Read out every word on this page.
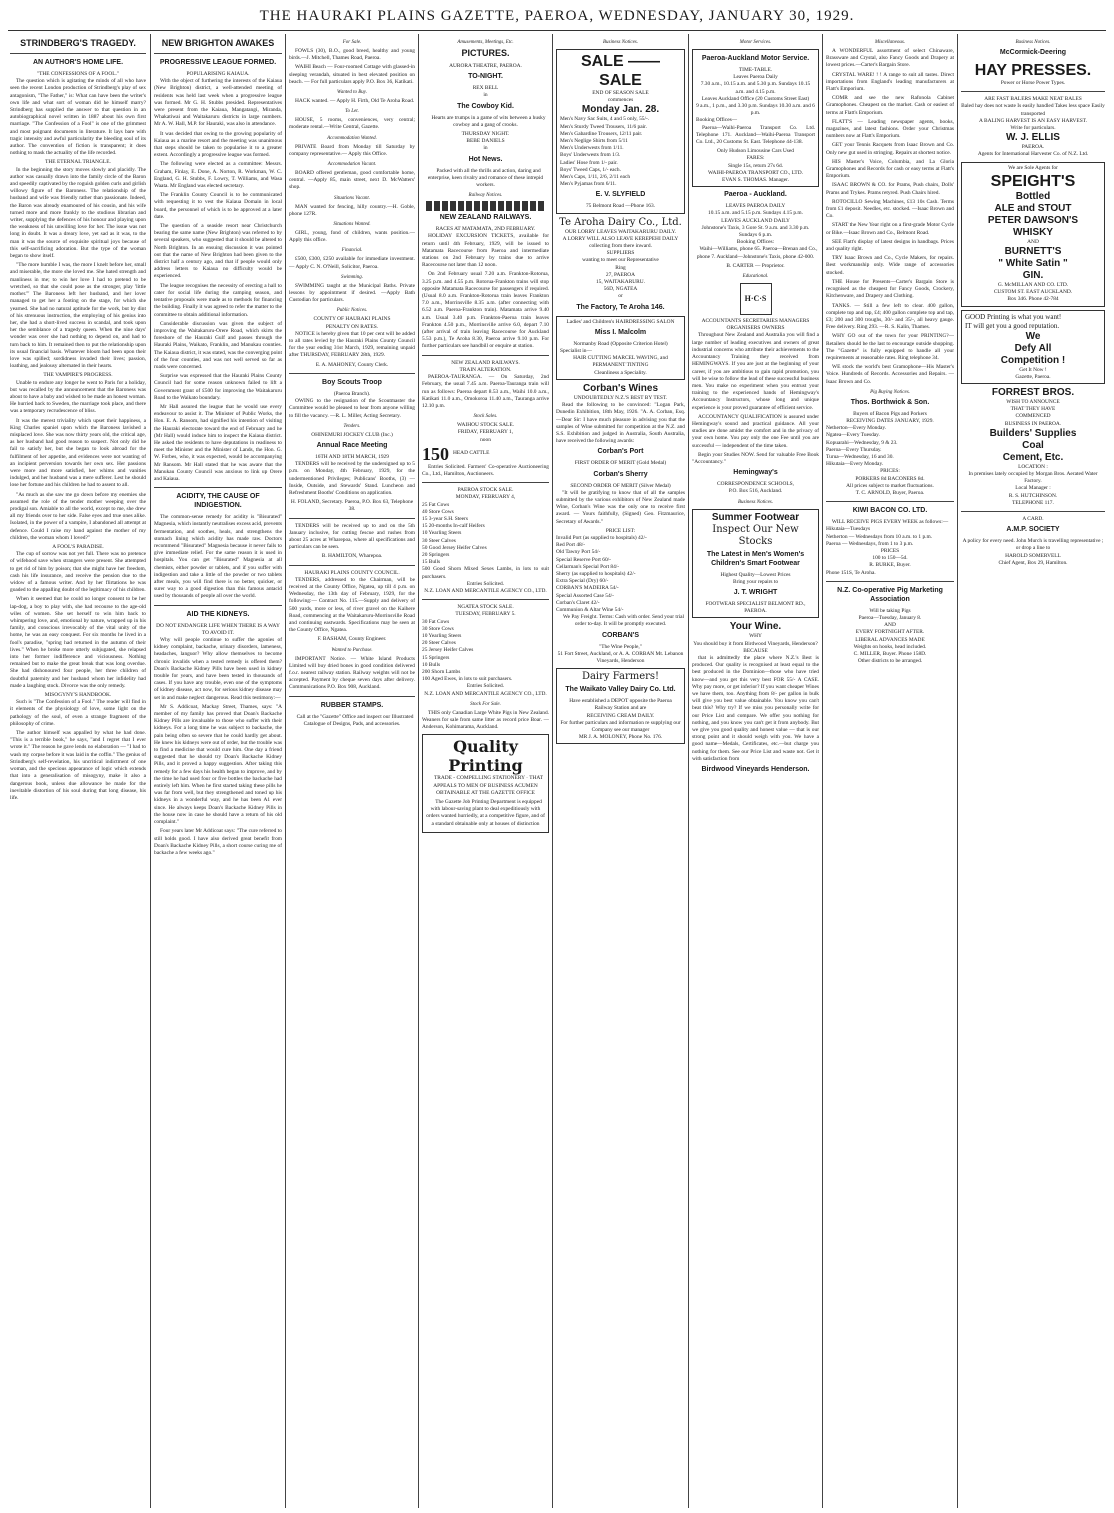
THE HAURAKI PLAINS GAZETTE, PAEROA, WEDNESDAY, JANUARY 30, 1929.
STRINDBERG'S TRAGEDY.
AN AUTHOR'S HOME LIFE.
"THE CONFESSIONS OF A FOOL."

The question which is agitating the minds of all who have seen the recent London production of Strindberg's play of sex antagonism, "The Father," is: What can have been the writer's own life and what sort of woman did he himself marry? Strindberg has supplied the answer to that question in an autobiographical novel written in 1887 about his own first marriage. "The Confession of a Fool" is one of the grimmest and most poignant documents in literature. It lays bare with tragic intensity and awful particularity the bleeding soul of its author. The convention of fiction is transparent; it does nothing to mask the actuality of the life recorded.

THE ETERNAL TRIANGLE.

In the beginning the story moves slowly and placidly. The author was casually drawn into the family circle of the Baron and speedily captivated by the roguish golden curls and girlish willowy figure of the Baroness. The relationship of the husband and wife was friendly rather than passionate. Indeed, the Baron was already enamoured of his cousin, and his wife turned more and more frankly to the studious librarian and writer, supplying the defences of his honour and playing upon the weakness of his unwilling love for her. The issue was not long in doubt. It was a dreary love, yet sad as it was, to the man it was the source of exquisite spiritual joys because of this self-sacrificing adoration. But the type of the woman began to show itself.

"The more humble I was, the more I knelt before her, small and miserable, the more she loved me. She hated strength and manliness in me; to win her love I had to pretend to be wretched, so that she could pose as the stronger, play 'little mother.'" The Baroness left her husband, and her lover managed to get her a footing on the stage, for which she yearned. She had no natural aptitude for the work, but by dint of his strenuous instruction, the employing of his genius into her, she had a short-lived success in scandal, and took upon her the semblance of a tragedy queen. When the nine days' wonder was over she had nothing to depend on, and had to turn back to him. It remained then to put the relationship upon its usual financial basis. Whatever bloom had been upon their love was spilled; sordidness invaded their lives; passion, loathing, and jealousy alternated in their hearts.

THE VAMPIRE'S PROGRESS.

Unable to endure any longer he went to Paris for a holiday, but was recalled by the announcement that the Baroness was about to have a baby and wished to be made an honest woman. He hurried back to Sweden, the marriage took place, and there was a temporary recrudescence of bliss.

It was the merest triviality which upset their happiness, a King Charles spaniel upon which the Baroness lavished a misplaced love. She was now thirty years old, the critical age, as her husband had good reason to suspect. Not only did he fail to satisfy her, but she began to look abroad for the fulfilment of her appetite, and evidences were not wanting of an incipient perversion towards her own sex. Her passions were more and more satisfied, her whims and vanities indulged, and her husband was a mere sufferer. Lest he should lose her fortune and his children he had to assent to all.

"As much as she saw me go down before my enemies she assumed the role of the tender mother weeping over the prodigal son. Amiable to all the world, except to me, she drew all my friends over to her side. False eyes and true ones alike. Isolated, in the power of a vampire, I abandoned all attempt at defence. Could I raise my hand against the mother of my children, the woman whom I loved?"

A FOOL'S PARADISE.

The cup of sorrow was not yet full. There was no pretence of wifehood save when strangers were present. She attempted to get rid of him by poison; that she might have her freedom, cash his life insurance, and receive the pension due to the widow of a famous writer. And by her flirtations he was goaded to the appalling doubt of the legitimacy of his children.

When it seemed that he could no longer consent to be her lap-dog, a boy to play with, she had recourse to the age-old wiles of women. She set herself to win him back to whimpering love, and, emotional by nature, wrapped up in his family, and conscious irrevocably of the vital unity of the home, he was an easy conquest. For six months he lived in a fool's paradise, "spring had returned in the autumn of their lives." When he broke more utterly subjugated, she relapsed into her former indifference and viciousness. Nothing remained but to make the great break that was long overdue. She had dishonoured four people, her three children of doubtful paternity and her husband whom her infidelity had made a laughing stock. Divorce was the only remedy.

MISOGYNY'S HANDBOOK.

Such is "The Confession of a Fool." The reader will find in it elements of the physiology of love, some light on the pathology of the soul, of even a strange fragment of the philosophy of crime.

The author himself was appalled by what he had done. "This is a terrible book," he says, "and I regret that I ever wrote it." The reason he gave lends no elaboration — "I had to wash my corpse before it was laid in the coffin." The genius of Strindberg's self-revelation, his uncritical indictment of one woman, and the specious appearance of logic which extends that into a generalisation of misogyny, make it also a dangerous book, unless due allowance be made for the inevitable distortion of his soul during that long disease, his life.

NEW BRIGHTON AWAKES
PROGRESSIVE LEAGUE FORMED.
POPULARISING KAIAUA.

With the object of furthering the interests of the Kaiaua (New Brighton) district, a well-attended meeting of residents was held last week when a progressive league was formed. Mr G. H. Stubbs presided. Representatives were present from the Kaiaua, Mangatangi, Miranda, Whakatiwai and Waitakaruru districts in large numbers. Mr A. W. Hall, M.P. for Hauraki, was also in attendance.

It was decided that owing to the growing popularity of Kaiaua as a marine resort and the meeting was unanimous that steps should be taken to popularise it to a greater extent. Accordingly a progressive league was formed.

The following were elected as a committee: Messrs. Graham, Finlay, E. Done, A. Norton, R. Workman, W. C. England, G. H. Stubbs, F. Lowry, T. Williams, and Wasa Waata. Mr England was elected secretary.

The Franklin County Council is to be communicated with requesting it to vest the Kaiaua Domain in local board, the personnel of which is to be approved at a later date.

The question of a seaside resort near Christchurch bearing the same name (New Brighton) was referred to by several speakers, who suggested that it should be altered to North Brighton. In an ensuing discussion it was pointed out that the name of New Brighton had been given to the district half a century ago, and that if people would only address letters to Kaiaua no difficulty would be experienced.

The league recognises the necessity of erecting a hall to cater for social life during the camping season, and tentative proposals were made as to methods for financing the building. Finally it was agreed to refer the matter to the committee to obtain additional information.

Considerable discussion was given the subject of improving the Waitakaruru-Orere Road, which skirts the foreshore of the Hauraki Gulf and passes through the Hauraki Plains, Waikato, Franklin, and Manukau counties. The Kaiaua district, it was stated, was the converging point of the four counties, and was not well served so far as roads were concerned.

Surprise was expressed that the Hauraki Plains County Council had for some reason unknown failed to lift a Government grant of £500 for improving the Waitakaruru Road to the Waikato boundary.

Mr Hall assured the league that he would use every endeavour to assist it. The Minister of Public Works, the Hon. E. A. Ransom, had signified his intention of visiting the Hauraki electorate toward the end of February and he (Mr Hall) would induce him to inspect the Kaiaua district. He asked the residents to have deputations in readiness to meet the Minister and the Minister of Lands, the Hon. G. W. Forbes, who, it was expected, would be accompanying Mr Ransom. Mr Hall stated that he was aware that the Manukau County Council was anxious to link up Orere and Kaiaua.

ACIDITY, THE CAUSE OF INDIGESTION.

The common-sense remedy for acidity is "Bisurated" Magnesia, which instantly neutralises excess acid, prevents fermentation, and soothes, heals, and strengthens the stomach lining which acidity has made raw. Doctors recommend "Bisurated" Magnesia because it never fails to give immediate relief. For the same reason it is used in hospitals. You can get "Bisurated" Magnesia at all chemists, either powder or tablets, and if you suffer with indigestion and take a little of the powder or two tablets after meals, you will find there is no better, quicker, or surer way to a good digestion than this famous antacid used by thousands of people all over the world.

AID THE KIDNEYS.
DO NOT ENDANGER LIFE WHEN THERE IS A WAY TO AVOID IT.

Why will people continue to suffer the agonies of kidney complaint, backache, urinary disorders, lameness, headaches, languor? Why allow themselves to become chronic invalids when a tested remedy is offered them? Doan's Backache Kidney Pills have been used in kidney trouble for years, and have been tested in thousands of cases. If you have any trouble, even one of the symptoms of kidney disease, act now, for serious kidney disease may set in and make neglect dangerous. Read this testimony:—

Mr S. Addicoat, Mackay Street, Thames, says: "A member of my family has proved that Doan's Backache Kidney Pills are invaluable to those who suffer with their kidneys. For a long time he was subject to backache, the pain being often so severe that he could hardly get about. He knew his kidneys were out of order, but the trouble was to find a medicine that would cure him. One day a friend suggested that he should try Doan's Backache Kidney Pills, and it proved a happy suggestion. After taking this remedy for a few days his health began to improve, and by the time he had used four or five bottles the backache had entirely left him. When he first started taking these pills he was far from well, but they strengthened and toned up his kidneys in a wonderful way, and he has been A1 ever since. He always keeps Doan's Backache Kidney Pills in the house now in case he should have a return of his old complaint."

Four years later Mr Addicoat says: "The cure referred to still holds good. I have also derived great benefit from Doan's Backache Kidney Pills, a short course curing me of backache a few weeks ago."

For Sale.

FOWLS (30), B.O., good breed, healthy and young birds.—J. Mitchell, Thames Road, Paeroa.

WAIHI Beach — Four-roomed Cottage with glassed-in sleeping verandah, situated in best elevated position on beach. — For full particulars apply P.O. Box 36, Katikati.

Wanted to Buy.

HACK wanted. — Apply H. Firth, Old Te Aroha Road.

To Let.

HOUSE, 5 rooms, conveniences, very central; moderate rental.—Write Central, Gazette.

Accommodation Wanted.

PRIVATE Board from Monday till Saturday by company representative.— Apply this Office.

Accommodation Vacant.

BOARD offered gentleman, good comfortable home, central. —Apply 85, main street, next D. McWatters' shop.

Situations Vacant.

MAN wanted for fencing, hilly country.—H. Goble, phone 127R.

Situations Wanted.

GIRL, young, fond of children, wants position.—Apply this office.

Financial.

£500, £300, £250 available for immediate investment. — Apply C. N. O'Neill, Solicitor, Paeroa.

Swimming.

SWIMMING taught at the Municipal Baths. Private lessons by appointment if desired. —Apply Bath Custodian for particulars.

Public Notices.
COUNTY OF HAURAKI PLAINS
PENALTY ON RATES.

NOTICE is hereby given that 10 per cent will be added to all rates levied by the Hauraki Plains County Council for the year ending 31st March, 1929, remaining unpaid after THURSDAY, FEBRUARY 28th, 1929.

E. A. MAHONEY, County Clerk.
Boy Scouts Troop
(Paeroa Branch).

OWING to the resignation of the Scoutmaster the Committee would be pleased to hear from anyone willing to fill the vacancy. —R. L. Miller, Acting Secretary.

Tenders.
OHINEMURI JOCKEY CLUB (Inc.)
Annual Race Meeting
16TH AND 18TH MARCH, 1929

TENDERS will be received by the undersigned up to 5 p.m. on Monday, 4th February, 1929, for the undermentioned Privileges; Publicans' Booths, (3) — Inside, Outside, and Stewards' Stand. Luncheon and Refreshment Booths' Conditions on application.

H. FOLAND, Secretary. Paeroa, P.O. Box 63, Telephone 38.

TENDERS will be received up to and on the 5th January inclusive, for cutting fescue and rushes from about 25 acres at Wharepoa, where all specifications and particulars can be seen.

B. HAMILTON, Wharepoa.
HAURAKI PLAINS COUNTY COUNCIL.

TENDERS, addressed to the Chairman, will be received at the County Office, Ngatea, up till 4 p.m. on Wednesday, the 13th day of February, 1929, for the following:— Contract No. 115.—Supply and delivery of 500 yards, more or less, of river gravel on the Kaihere Road, commencing at the Waitakaruru-Morrinsville Road and continuing eastwards. Specifications may be seen at the County Office, Ngatea.

F. BASHAM, County Engineer.
Wanted to Purchase.

IMPORTANT Notice. — White Island Products Limited will buy dried bones in good condition delivered f.o.r. nearest railway station. Railway weights will not be accepted. Payment by cheque seven days after delivery. Communications P.O. Box 908, Auckland.

RUBBER STAMPS.

Call at the "Gazette" Office and inspect our Illustrated Catalogue of Designs, Pads, and accessories.

Amusements, Meetings, Etc.
PICTURES.
AURORA THEATRE, PAEROA.
TO-NIGHT.
REX BELL
in
The Cowboy Kid.

Hearts are trumps in a game of wits between a husky cowboy and a gang of crooks.

THURSDAY NIGHT.
BEBE DANIELS
in
Hot News.

Packed with all the thrills and action, daring and enterprise, keen rivalry and romance of these intrepid workers.

Railway Notices.
NEW ZEALAND RAILWAYS.
RACES AT MATAMATA, 2ND FEBRUARY.

HOLIDAY EXCURSION TICKETS, available for return until 4th February, 1929, will be issued to Matamata Racecourse from Paeroa and intermediate stations on 2nd February by trains due to arrive Racecourse not later than 12 noon.

On 2nd February usual 7.20 a.m. Frankton-Rotorua, 3.25 p.m. and 4.55 p.m. Rotorua-Frankton trains will stop opposite Matamata Racecourse for passengers if required. (Usual 8.0 a.m. Frankton-Rotorua train leaves Frankton 7.0 a.m., Morrinsville 8.35 a.m. (after connecting with 6.52 a.m. Paeroa-Frankton train). Matamata arrive 9.40 a.m. Usual 3.40 p.m. Frankton-Paeroa train leaves Frankton 4.50 p.m., Morrinsville arrive 6.0, depart 7.10 (after arrival of train leaving Racecourse for Auckland 5.53 p.m.), Te Aroha 8.30, Paeroa arrive 9.10 p.m. For further particulars see handbill or enquire at station.

NEW ZEALAND RAILWAYS.
TRAIN ALTERATION.

PAEROA-TAURANGA. — On Saturday, 2nd February, the usual 7.45 a.m. Paeroa-Tauranga train will run as follows: Paeroa depart 8.53 a.m., Waihi 10.0 a.m., Katikati 11.0 a.m., Omokoroa 11.40 a.m., Tauranga arrive 12.10 p.m.

Stock Sales.
WAIHOU STOCK SALE.
FRIDAY, FEBRUARY 1,
noon
150 HEAD CATTLE

Entries Solicited. Farmers' Co-operative Auctioneering Co., Ltd., Hamilton, Auctioneers.

PAEROA STOCK SALE.
MONDAY, FEBRUARY 4,
25 Fat Cows
40 Store Cows
15 3-year S.H. Steers
15 20-months In-calf Heifers
10 Yearling Steers
30 Steer Calves
50 Good Jersey Heifer Calves
20 Springers
15 Bulls
500 Good Shorn Mixed Sexes Lambs, in lots to suit purchasers.
Entries Solicited.
N.Z. LOAN AND MERCANTILE AGENCY CO., LTD.
NGATEA STOCK SALE.
TUESDAY, FEBRUARY 5.
30 Fat Cows
30 Store Cows
10 Yearling Steers
20 Steer Calves
25 Jersey Heifer Calves
15 Springers
10 Bulls
200 Shorn Lambs
100 Aged Ewes, in lots to suit purchasers.
Entries Solicited.
N.Z. LOAN AND MERCANTILE AGENCY CO., LTD.
Stock For Sale.

THIS only Canadian Large White Pigs in New Zealand. Weaners for sale from same litter as record price Boar. — Anderson, Kohimarama, Auckland.

Quality Printing

TRADE - COMPELLING STATIONERY · THAT APPEALS TO MEN OF BUSINESS ACUMEN OBTAINABLE AT THE GAZETTE OFFICE

The Gazette Job Printing Department is equipped with labour-saving plant to deal expeditiously with orders wanted hurriedly, at a competitive figure, and of a standard obtainable only at houses of distinction

Business Notices.
SALE —— SALE
END OF SEASON SALE
commences
Monday Jan. 28.
Men's Navy Sac Suits, 4 and 5 only, 55/-.
Men's Sturdy Tweed Trousers, 11/6 pair.
Men's Gabardine Trousers, 12/11 pair.
Men's Neglige Shirts from 5/11
Men's Underwests from 1/11.
Boys' Underwests from 1/3.
Ladies' Hose from 1/- pair.
Boys' Tweed Caps, 1/- each.
Men's Caps, 1/11, 2/6, 2/11 each
Men's Pyjamas from 6/11.
E. V. SLYFIELD
75 Belmont Road —Phone 163.
Te Aroha Dairy Co., Ltd.
OUR LORRY LEAVES WAITAKARURU DAILY.
A LORRY WILL ALSO LEAVE KEREPEHI DAILY
collecting from there inward.
SUPPLIERS
wanting to meet our Representative
Ring
27, PAEROA
15, WAITAKARURU.
56D, NGATEA
or
The Factory, Te Aroha 146.
Ladies' and Children's HAIRDRESSING SALON
Miss I. Malcolm
Normanby Road (Opposite Criterion Hotel)
Specialist in—
HAIR CUTTING MARCEL WAVING, and PERMANENT TINTING
Cleanliness a Speciality.
Corban's Wines
UNDOUBTEDLY N.Z.'S BEST BY TEST.

Read the following to be convinced: "Logan Park, Dunedin Exhibition, 18th May, 1926. "A. A. Corban, Esq.—Dear Sir: I have much pleasure in advising you that the samples of Wine submitted for competition at the N.Z. and S.S. Exhibition and judged in Australia, South Australia, have received the following awards:

Corban's Port
FIRST ORDER OF MERIT (Gold Medal)
Corban's Sherry
SECOND ORDER OF MERIT (Silver Medal)

"It will be gratifying to know that of all the samples submitted by the various exhibitors of New Zealand made Wine, Corban's Wine was the only one to receive first award. — Yours faithfully, (Signed) Geo. Fitzmaurice, Secretary of Awards."

PRICE LIST:
Invalid Port (as supplied to hospitals) 42/-
Red Port 48/-
Old Tawny Port 54/-
Special Reserve Port 60/-
Cellarman's Special Port 84/-
Sherry (as supplied to hospitals) 42/-
Extra Special (Dry) 60/-
CORBAN'S MADEIRA 54/-
Special Assorted Case 54/-
Corban's Claret 42/-
Communion & Altar Wine 54/-

We Pay Freight. Terms: Cash with order. Send your trial order to-day. It will be promptly executed.

CORBAN'S
"The Wine People,"
51 Fort Street, Auckland, or A. A. CORBAN Mt. Lebanon Vineyards, Henderson
Dairy Farmers!
The Waikato Valley Dairy Co. Ltd.
Have established a DEPOT opposite the Paeroa Railway Station and are
RECEIVING CREAM DAILY.
For further particulars and information re supplying our Company see our manager
MR J. A. MOLONEY, Phone No. 176.
Motor Services.
Paeroa-Auckland Motor Service.
TIME-TABLE.
Leaves Paeroa Daily
7.30 a.m., 10.15 a.m. and 5.30 p.m. Sundays 10.15 a.m. and 4.15 p.m.
Leaves Auckland Office (20 Customs Street East)
9 a.m., 1 p.m., and 3.30 p.m. Sundays 10.30 a.m. and 6 p.m.
Booking Offices—

Paeroa—Waihi-Paeroa Transport Co. Ltd. Telephone 171. Auckland—Waihi-Paeroa Transport Co. Ltd., 20 Customs St. East. Telephone 44-138.

Only Hudson Limousine Cars Used
FARES:
Single 15s, return 27s 6d.
WAIHI-PAEROA TRANSPORT CO., LTD.
EVAN S. THOMAS. Manager.
Paeroa - Auckland.
LEAVES PAEROA DAILY
10.15 a.m. and 5.15 p.m. Sundays 4.15 p.m.
LEAVES AUCKLAND DAILY
Johnstone's Taxis, 3 Gore St. 9 a.m. and 3.30 p.m. Sundays 6 p.m.
Booking Offices:

Waihi—Williams, phone 65. Paeroa—Brenan and Co., phone 7. Auckland—Johnstone's Taxis, phone 42-000.

B. CARTER — Proprietor.
Educational.
H·C·S
ACCOUNTANTS SECRETARIES MANAGERS ORGANISERS OWNERS

Throughout New Zealand and Australia you will find a large number of leading executives and owners of great industrial concerns who attribute their achievements to the Accountancy Training they received from HEMINGWAYS. If you are just at the beginning of your career, if you are ambitious to gain rapid promotion, you will be wise to follow the lead of these successful business men. You make no experiment when you entrust your training to the experienced hands of Hemingway's Accountancy Instructors, whose long and unique experience is your proved guarantee of efficient service.

ACCOUNTANCY QUALIFICATION is assured under Hemingway's sound and practical guidance. All your studies are done amidst the comfort and in the privacy of your own home. You pay only the one Fee until you are successful — independent of the time taken.

Begin your Studies NOW. Send for valuable Free Book "Accountancy."

Hemingway's
CORRESPONDENCE SCHOOLS,
P.O. Box 516, Auckland.
Business Notices.
Summer Footwear
Inspect Our New Stocks
The Latest in Men's Women's Children's Smart Footwear
Highest Quality—Lowest Prices
Bring your repairs to
J. T. WRIGHT
FOOTWEAR SPECIALIST BELMONT RD., PAEROA.
Your Wine.
WHY
You should buy it from Birdwood Vineyards, Henderson?
BECAUSE

that is admittedly the place where N.Z.'s Best is produced. Our quality is recognised at least equal to the best produced in the Dominion—those who have tried know—and you get this very best FOR 55/- A CASE. Why pay more, or get inferior? If you want cheaper Wines we have them, too. Anything from 8/- per gallon in bulk will give you best value obtainable. You know you can't beat this? Why try? If we miss you personally write for our Price List and compare. We offer you nothing for nothing, and you know you can't get it from anybody. But we give you good quality and honest value — that is our strong point and it should weigh with you. We have a good name—Medals, Certificates, etc.—but charge you nothing for them. See our Price List and waste not. Get it with satisfaction from

Birdwood Vineyards Henderson.
Miscellaneous.

A WONDERFUL assortment of select Chinaware, Brassware and Crystal, also Fancy Goods and Drapery at lowest prices.—Carter's Bargain Store.

CRYSTAL WARE! ! ! A range to suit all tastes. Direct importations from England's leading manufacturers at Flatt's Emporium.

COMR and see the new Rafonola Cabinet Gramophones. Cheapest on the market. Cash or easiest of terms at Flatt's Emporium.

FLATT'S — Leading newspaper agents, books, magazines, and latest fashions. Order your Christmas numbers now at Flatt's Emporium.

GET your Tennis Racquets from Isaac Brown and Co. Only new gut used in stringing. Repairs at shortest notice.

HIS Master's Voice, Columbia, and La Gloria Gramophones and Records for cash or easy terms at Flatt's Emporium.

ISAAC BROWN & CO. for Prams, Push chairs, Dolls' Prams and Trykes. Prams retyred. Push Chairs hired.

ROTOCILLO Sewing Machines, £13 10s Cash. Terms from £1 deposit. Needles, etc. stocked. —Isaac Brown and Co.

START the New Year right on a first-grade Motor Cycle or Bike.—Isaac Brown and Co., Belmont Road.

SEE Flatt's display of latest designs in handbags. Prices and quality right.

TRY Isaac Brown and Co., Cycle Makers, for repairs. Best workmanship only. Wide range of accessories stocked.

THE House for Presents—Carter's Bargain Store is recognised as the cheapest for Fancy Goods, Crockery, Kitchenware, and Drapery and Clothing.

TANKS. — Still a few left to clear. 400 gallon, complete top and tap, £4; 400 gallon complete top and tap, £3; 200 and 300 troughs, 30/- and 35/-, all heavy gauge. Free delivery. Ring 293. —R. S. Kalin, Thames.

WHY GO out of the town for your PRINTING?—Retailers should be the last to encourage outside shopping. The "Gazette" is fully equipped to handle all your requirements at reasonable rates. Ring telephone 34.

WE stock the world's best Gramophone—His Master's Voice. Hundreds of Records. Accessories and Repairs. —Isaac Brown and Co.

Pig Buying Notices.
Thos. Borthwick & Son.
Buyers of Bacon Pigs and Porkers
RECEIVING DATES JANUARY, 1929.
Netherton—Every Monday.
Ngatea—Every Tuesday.
Kopuarahi—Wednesday, 9 & 23.
Paeroa—Every Thursday.
Turua—Wednesday, 16 and 30.
Hikutaia—Every Monday.
PRICES:
PORKERS 8d BACONERS 8d.
All prices subject to market fluctuations.
T. C. ARNOLD, Buyer, Paeroa.
KIWI BACON CO. LTD.
WILL RECEIVE PIGS EVERY WEEK as follows:—
Hikutaia—Tuesdays
Netherton — Wednesdays from 10 a.m. to 1 p.m.
Paeroa — Wednesdays, from 1 to 3 p.m.
PRICES
100 to 150—5d.
R. BURKE, Buyer.
Phone 151S, Te Aroha.
N.Z. Co-operative Pig Marketing Association
Will be taking Pigs
Paeroa—Tuesday, January 8.
AND
EVERY FORTNIGHT AFTER.
LIBERAL ADVANCES MADE
Weights on hooks, head included.
C. MILLER, Buyer. Phone 158D.
Other districts to be arranged.
Business Notices.
McCormick-Deering
HAY PRESSES.
Power or Horse Power Types.
ARE FAST BALERS MAKE NEAT BALES
Baled hay does not waste Is easily handled Takes less space Easily transported
A BALING HARVEST IS AN EASY HARVEST.
Write for particulars.
W. J. ELLIS
PAEROA.
Agents for International Harvester Co. of N.Z. Ltd.
We are Sole Agents for
SPEIGHT'S
Bottled
ALE and STOUT
PETER DAWSON'S
WHISKY
AND
BURNETT'S
" White Satin "
GIN.
G. McMILLAN AND CO. LTD.
CUSTOM ST. EAST AUCKLAND.
Box 346. Phone 42-784
GOOD Printing is what you want!
IT will get you a good reputation.
We
Defy All
Competition !
Get It Now !
Gazette, Paeroa.
FORREST BROS.
WISH TO ANNOUNCE
THAT THEY HAVE
COMMENCED
BUSINESS IN PAEROA.
Builders' Supplies
Coal
Cement, Etc.
LOCATION :
In premises lately occupied by Morgan Bros. Aerated Water Factory.
Local Manager :
R. S. HUTCHINSON.
TELEPHONE 117.
A CARD.
A.M.P. SOCIETY
A policy for every need. John Murch is travelling representative ; or drop a line to
HAROLD SOMERVELL
Chief Agent, Box 29, Hamilton.
